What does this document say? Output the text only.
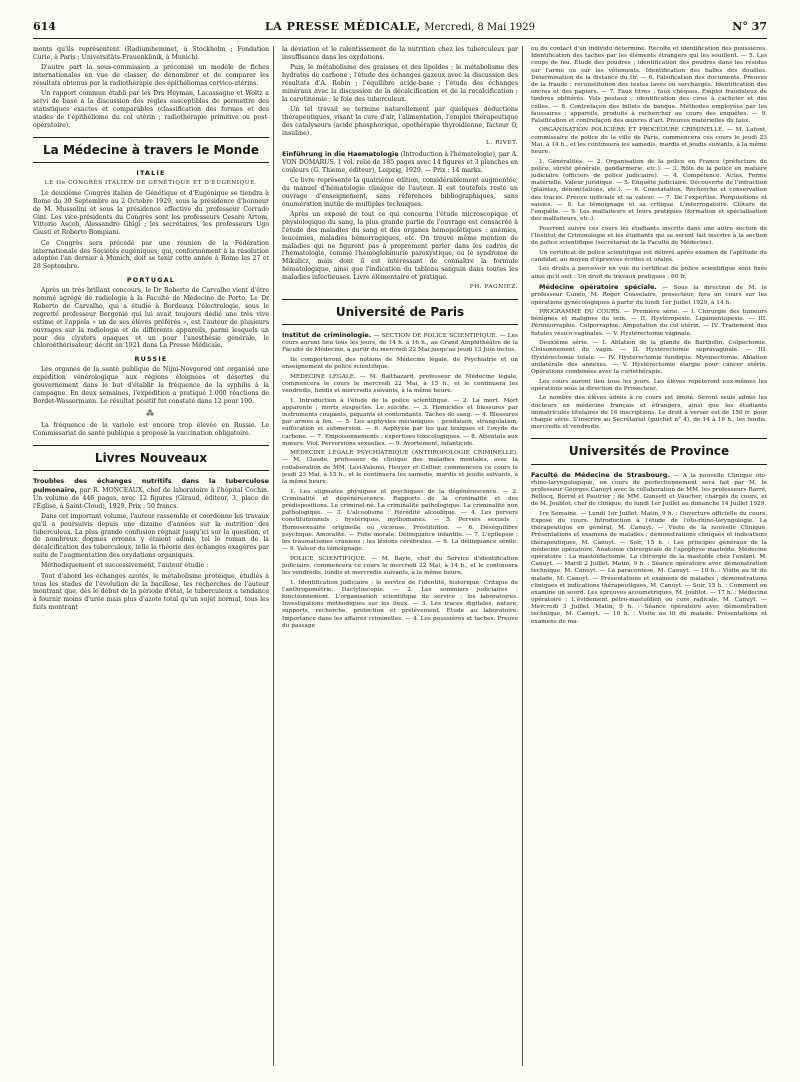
614	LA PRESSE MÉDICALE, Mercredi, 8 Mai 1929	N° 37

ments qu'ils représentent (Radiumhemmet, à Stockholm ; Fondation Curie, à Paris ; Universitäts-Frauenklinik, à Munich).

D'autre part la sous-commission a préconisé un modèle de fiches internationales en vue de classer, de dénombrer et de comparer les résultats obtenus par la radiothérapie des épithéliomas cervico-utérins.

Un rapport commun établi par les Drs Heyman, Lacassagne et Woltz a servi de base à la discussion des règles susceptibles de permettre des statistiques exactes et comparables (classification des formes et des stades de l'épithéliome du col utérin ; radiothérapie primitive ou post-opératoire).

La Médecine à travers le Monde
ITALIE
LE IIe CONGRÈS ITALIEN DE GÉNÉTIQUE ET D'EUGÉNIQUE.

Le deuxième Congrès italien de Génétique et d'Eugénique se tiendra à Rome du 30 Septembre au 2 Octobre 1929, sous la présidence d'honneur de M. Mussolini et sous la présidence effective du professeur Corrado Gini. Les vice-présidents du Congrès sont les professeurs Cesare Artom, Vittorio Ascoli, Alessandro Ghigi ; les secrétaires, les professeurs Ugo Giusti et Roberto Bompiani.

Ce Congrès sera précédé par une réunion de la Fédération internationale des Sociétés eugéniques, qui, conformément à la résolution adoptée l'an dernier à Munich, doit se tenir cette année à Rome les 27 et 28 Septembre.

PORTUGAL

Après un très brillant concours, le Dr Roberto de Carvalho vient d'être nommé agrégé de radiologie à la Faculté de Médecine de Porto. Le Dr Roberto de Carvalho, qui a étudié à Bordeaux l'électrologie, sous le regretté professeur Bergonié qui lui avait toujours dédié une très vive estime et l'appela « un de ses élèves préférés », est l'auteur de plusieurs ouvrages sur la radiologie et de différents appareils, parmi lesquels un pour des clysters opaques et un pour l'anesthésie générale, le chloroéthérisateur, décrit en 1921 dans La Presse Médicale.

RUSSIE

Les organes de la santé publique de Nijni-Novgorod ont organisé une expédition vénérologique aux régions éloignées et désertes du gouvernement dans le but d'établir la fréquence de la syphilis à la campagne. En deux semaines, l'expédition a pratiqué 1.000 réactions de Bordet-Wassermann. Le résultat positif fut constaté dans 12 pour 100.

⁂

La fréquence de la variole est encore trop élevée en Russie. Le Commissariat de santé publique a proposé la vaccination obligatoire.

Livres Nouveaux

Troubles des échanges nutritifs dans la tuberculose pulmonaire, par R. MONCEAUX, chef de laboratoire à l'hôpital Cochin. Un volume de 446 pages, avec 12 figures (Giraud, éditeur, 3, place de l'Église, à Saint-Cloud), 1929. Prix : 50 francs.

Dans cet important volume, l'auteur rassemble et coordonne les travaux qu'il a poursuivis depuis une dizaine d'années sur la nutrition des tuberculeux. La plus grande confusion régnait jusqu'ici sur la question, et de nombreux dogmes erronés y étaient admis, tel le roman de la décalcification des tuberculeux, telle la théorie des échanges exagérés par suite de l'augmentation des oxydations organiques.

Méthodiquement et successivement, l'auteur étudie :

Tout d'abord les échanges azotés, le métabolisme protéique, étudiés à tous les stades de l'évolution de la bacillose, les recherches de l'auteur montrant que, dès le début de la période d'état, le tuberculeux a tendance à fournir moins d'urée mais plus d'azote total qu'un sujet normal, tous les faits montrant

la déviation et le ralentissement de la nutrition chez les tuberculeux par insuffisance dans les oxydations.

Puis, le métabolisme des graisses et des lipoïdes ; le métabolisme des hydrates de carbone ; l'étude des échanges gazeux avec la discussion des résultats d'A. Robin ; l'équilibre acide-base ; l'étude des échanges minéraux avec la discussion de la décalcification et de la recalcification ; la carotinémie ; le foie des tuberculeux.

Un tel travail se termine naturellement par quelques déductions thérapeutiques, visant la cure d'air, l'alimentation, l'emploi thérapeutique des catalyseurs (acide phosphorique, opothérapie thyroïdienne, facteur O, insuline).

L. RIVET.

Einführung in die Haematologie (Introduction à l'hématologie), par A. VON DOMARUS. 1 vol. relié de 185 pages avec 14 figures et 3 planches en couleurs (G. Thieme, éditeur), Leipzig, 1929. — Prix : 14 marks.

Ce livre représente la quatrième édition, considérablement augmentée, du manuel d'hématologie clinique de l'auteur. Il est toutefois resté un ouvrage d'enseignement, sans références bibliographiques, sans énumération inutile de multiples techniques.

Après un exposé de tout ce qui concerne l'étude microscopique et physiologique du sang, la plus grande partie de l'ouvrage est consacrée à l'étude des maladies du sang et des organes hémopoïétiques : anémies, leucémies, maladies hémorragiques, etc. On trouve même mention de maladies qui ne figurent pas à proprement parler dans les cadres de l'hématologie, comme l'hémoglobinurie paroxystique, ou le syndrome de Mikulicz, mais dont il est intéressant de connaître la formule hématologique, ainsi que l'indication du tableau sanguin dans toutes les maladies infectieuses. Livre élémentaire et pratique.

PH. PAGNIEZ.
Université de Paris

Institut de criminologie. — SECTION DE POLICE SCIENTIFIQUE. — Les cours auront lieu tous les jours, de 14 h. à 16 h., au Grand Amphithéâtre de la Faculté de Médecine, à partir du mercredi 22 Mai jusqu'au jeudi 13 Juin inclus.

Ils comporteront des notions de Médecine légale, de Psychiatrie et un enseignement de police scientifique.

MÉDECINE LÉGALE. — M. Balthazard, professeur de Médecine légale, commencera le cours le mercredi 22 Mai, à 15 h., et le continuera les vendredis, lundis et mercredis suivants, à la même heure.

1. Introduction à l'étude de la police scientifique. — 2. La mort. Mort apparente ; morts suspectes. Le suicide. — 3. Homicides et blessures par instruments coupants, piquants et contondants. Taches de sang. — 4. Blessures par armes à feu. — 5. Les asphyxies mécaniques : pendaison, strangulation, suffocation et submersion. — 6. Asphyxie par les gaz toxiques et l'oxyde de carbone. — 7. Empoisonnements ; expertises toxicologiques. — 8. Attentats aux mœurs. Viol. Perversions sexuelles. — 9. Avortement, infanticide.

MÉDECINE LÉGALE PSYCHIATRIQUE (ANTHROPOLOGIE CRIMINELLE). — M. Claude, professeur de clinique des maladies mentales, avec la collaboration de MM. Levi-Valensi, Heuyer et Cellier, commencera ce cours le jeudi 23 Mai, à 15 h., et le continuera les samedis, mardis et jeudis suivants, à la même heure.

1. Les stigmates physiques et psychiques de la dégénérescence. — 2. Criminalité et dégénérescence. Rapports de la criminalité et des prédispositions. Le criminel-né. La criminalité pathologique. La criminalité non pathologique. — 3. L'alcoolisme : Hérédité alcoolique. — 4. Les pervers constitutionnels : hystériques, mythomanes. — 5. Pervers sexuels : Homosexualité originelle ou vicieuse. Prostitution. — 6. Déséquilibre psychique. Amoralité. — Folie morale. Délinquance infantile. — 7. L'épilepsie ; les traumatismes craniens ; les lésions cérébrales. — 8. La délinquance sénile. — 9. Valeur du témoignage.

POLICE SCIENTIFIQUE. — M. Bayle, chef du Service d'identification judiciaire, commencera ce cours le mercredi 22 Mai, à 14 h., et le continuera les vendredis, lundis et mercredis suivants, à la même heure.

1. Identification judiciaire ; le service de l'identité, historique. Critique de l'anthropométrie. Dactyloscopie. — 2. Les sommiers judiciaires ; fonctionnement. L'organisation scientifique du service ; les laboratoires. Investigations méthodiques sur les lieux. — 3. Les traces digitales, nature, supports, recherche, protection et prélèvement. Étude au laboratoire. Importance dans les affaires criminelles. — 4. Les poussières et taches. Preuve du passage

ou du contact d'un individu déterminé. Récolte et identification des poussières. Identification des taches par les éléments étrangers qui les souillent. — 5. Les coups de feu. Étude des poudres ; identification des poudres dans les résidus sur l'arme ou sur les vêtements. Identification des balles des douilles. Détermination de la distance du tir. — 6. Falsification des documents. Preuves de la fraude ; reconstitution des textes lavés ou surchargés. Identification des encres et des papiers. — 7. Faux titres ; faux chèques. Emploi frauduleux de timbres oblitérés. Vols postaux ; identification des cires à cacheter et des colles. — 8. Contrefaçon des billets de banque. Méthodes employées par les faussaires ; appareils, produits à rechercher au cours des enquêtes. — 9. Falsification et contrefaçon des œuvres d'art. Preuves matérielles du faux.

ORGANISATION POLICIÈRE ET PROCÉDURE CRIMINELLE. — M. Lafont, commissaire de police de la ville de Paris, commencera ces cours le jeudi 23 Mai, à 14 h., et les continuera les samedis, mardis et jeudis suivants, à la même heure.

1. Généralités. — 2. Organisation de la police en France (préfecture de police, sûreté générale, gendarmerie, etc.). — 3. Rôle de la police en matière judiciaire (officiers de police judiciaire). — 4. Compétence. Actes. Forme matérielle. Valeur juridique. — 5. Enquête judiciaire. Découverte de l'infraction (plaintes, dénonciations, etc.). — 6. Constatation. Recherche et conservation des traces. Preuve indiciale et sa valeur. — 7. De l'expertise. Perquisitions et saisies. — 8. Le témoignage et sa critique. L'interrogatoire. Clôture de l'enquête. — 9. Les malfaiteurs et leurs pratiques (formation et spécialisation des malfaiteurs, etc.).

Pourront suivre ces cours les étudiants inscrits dans une autre section de l'Institut de Criminologie et les étudiants qui se seront fait inscrire à la section de police scientifique (secrétariat de la Faculté de Médecine).

Un certificat de police scientifique est délivré après examen de l'aptitude du candidat, au moyen d'épreuves écrites et orales.

Les droits à percevoir en vue du certificat de police scientifique sont fixés ainsi qu'il suit : Un droit de travaux pratiques : 60 fr.

Médecine opératoire spéciale. — Sous la direction de M. le professeur Cunéo, M. Roger Couvelaire, prosecteur, fera un cours sur les opérations gynécologiques à partir du lundi 1er Juillet 1929, à 14 h.

PROGRAMME DU COURS. — Première série. — I. Chirurgie des tumeurs bénignes et malignes du sein. — II. Hystéropexie. Ligamentopexie. — III. Périnéorraphie. Colporraphie. Amputation du col utérin. — IV. Traitement des fistules vésico-vaginales. — V. Hystérectomie vaginale.

Deuxième série. — I. Ablation de la glande de Bartholin. Colpectomie. Cloisonnement du vagin. — II. Hystérectomie supravaginale. — III. Hystérectomie totale. — IV. Hystérectomie fundique. Myomectomie. Ablation unilatérale des annexes. — V. Hystérectomie élargie pour cancer utérin. Opérations combinées avec la curiethérapie.

Les cours auront lieu tous les jours. Les élèves répéteront eux-mêmes les opérations sous la direction du Prosecteur.

Le nombre des élèves admis à ce cours est limité. Seront seuls admis les docteurs en médecine français et étrangers, ainsi que les étudiants immatriculés titulaires de 16 inscriptions. Le droit à verser est de 150 fr. pour chaque série. S'inscrire au Secrétariat (guichet n° 4), de 14 à 16 h., les lundis, mercredis et vendredis.

Universités de Province

Faculté de Médecine de Strasbourg. — A la nouvelle Clinique oto-rhino-laryngologique, un cours de perfectionnement sera fait par M. le professeur Georges Canuyt avec la collaboration de MM. les professeurs Barré, Bellocq, Borrel et Pautrier ; de MM. Gunsett et Vaucher, chargés de cours, et de M. Joublot, chef de clinique, du lundi 1er Juillet au dimanche 14 Juillet 1929.

1re Semaine. — Lundi 1er Juillet. Matin, 9 h. : Ouverture officielle du cours. Exposé du cours. Introduction à l'étude de l'oto-rhino-laryngologie. La thérapeutique en général, M. Canuyt. — Visite de la nouvelle Clinique. Présentations et examens de malades ; démonstrations cliniques et indications thérapeutiques, M. Canuyt. — Soir, 15 h. : Les principes généraux de la médecine opératoire. Anatomie chirurgicale de l'apophyse mastoïde. Médecine opératoire : La mastoïdectomie. La chirurgie de la mastoïde chez l'enfant, M. Canuyt. — Mardi 2 Juillet. Matin, 9 h. : Séance opératoire avec démonstration technique, M. Canuyt. — La paracentèse, M. Canuyt. — 10 h. : Visite au lit du malade, M. Canuyt. — Présentations et examens de malades ; démonstrations cliniques et indications thérapeutiques, M. Canuyt. — Soir, 15 h. : Comment on examine un sourd. Les épreuves acoumétriques, M. Joublot. — 17 h. : Médecine opératoire : L'évidement pétro-mastoïdien ou cure radicale, M. Canuyt. — Mercredi 3 Juillet. Matin, 9 h. : Séance opératoire avec démonstration technique, M. Canuyt. — 10 h. : Visite au lit du malade. Présentations et examens de ma-
